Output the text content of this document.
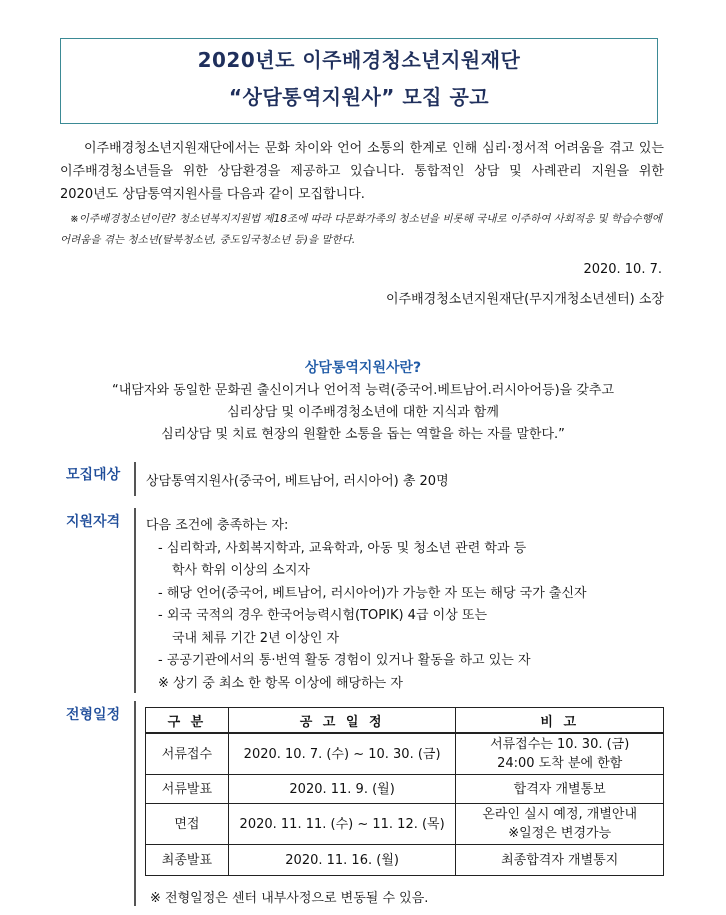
2020년도 이주배경청소년지원재단
“상담통역지원사” 모집 공고

이주배경청소년지원재단에서는 문화 차이와 언어 소통의 한계로 인해 심리·정서적 어려움을 겪고 있는 이주배경청소년들을 위한 상담환경을 제공하고 있습니다. 통합적인 상담 및 사례관리 지원을 위한 2020년도 상담통역지원사를 다음과 같이 모집합니다.

※이주배경청소년이란? 청소년복지지원법 제18조에 따라 다문화가족의 청소년을 비롯해 국내로 이주하여 사회적응 및 학습수행에 어려움을 겪는 청소년(탈북청소년, 중도입국청소년 등)을 말한다.

2020. 10. 7.
이주배경청소년지원재단(무지개청소년센터) 소장
상담통역지원사란?
“내담자와 동일한 문화권 출신이거나 언어적 능력(중국어.베트남어.러시아어등)을 갖추고
심리상담 및 이주배경청소년에 대한 지식과 함께
심리상담 및 치료 현장의 원활한 소통을 돕는 역할을 하는 자를 말한다.”
모집대상 상담통역지원사(중국어, 베트남어, 러시아어) 총 20명
지원자격 다음 조건에 충족하는 자:
- 심리학과, 사회복지학과, 교육학과, 아동 및 청소년 관련 학과 등
학사 학위 이상의 소지자
- 해당 언어(중국어, 베트남어, 러시아어)가 가능한 자 또는 해당 국가 출신자
- 외국 국적의 경우 한국어능력시험(TOPIK) 4급 이상 또는
국내 체류 기간 2년 이상인 자
- 공공기관에서의 통·번역 활동 경험이 있거나 활동을 하고 있는 자
※ 상기 중 최소 한 항목 이상에 해당하는 자
전형일정	구 분	공 고 일 정	비 고
서류접수	2020. 10. 7. (수) ~ 10. 30. (금)	서류접수는 10. 30. (금)
24:00 도착 분에 한함

서류발표	2020. 11. 9. (월)	합격자 개별통보

면접	2020. 11. 11. (수) ~ 11. 12. (목)	온라인 실시 예정, 개별안내
※일정은 변경가능

최종발표	2020. 11. 16. (월)	최종합격자 개별통지
※ 전형일정은 센터 내부사정으로 변동될 수 있음.
